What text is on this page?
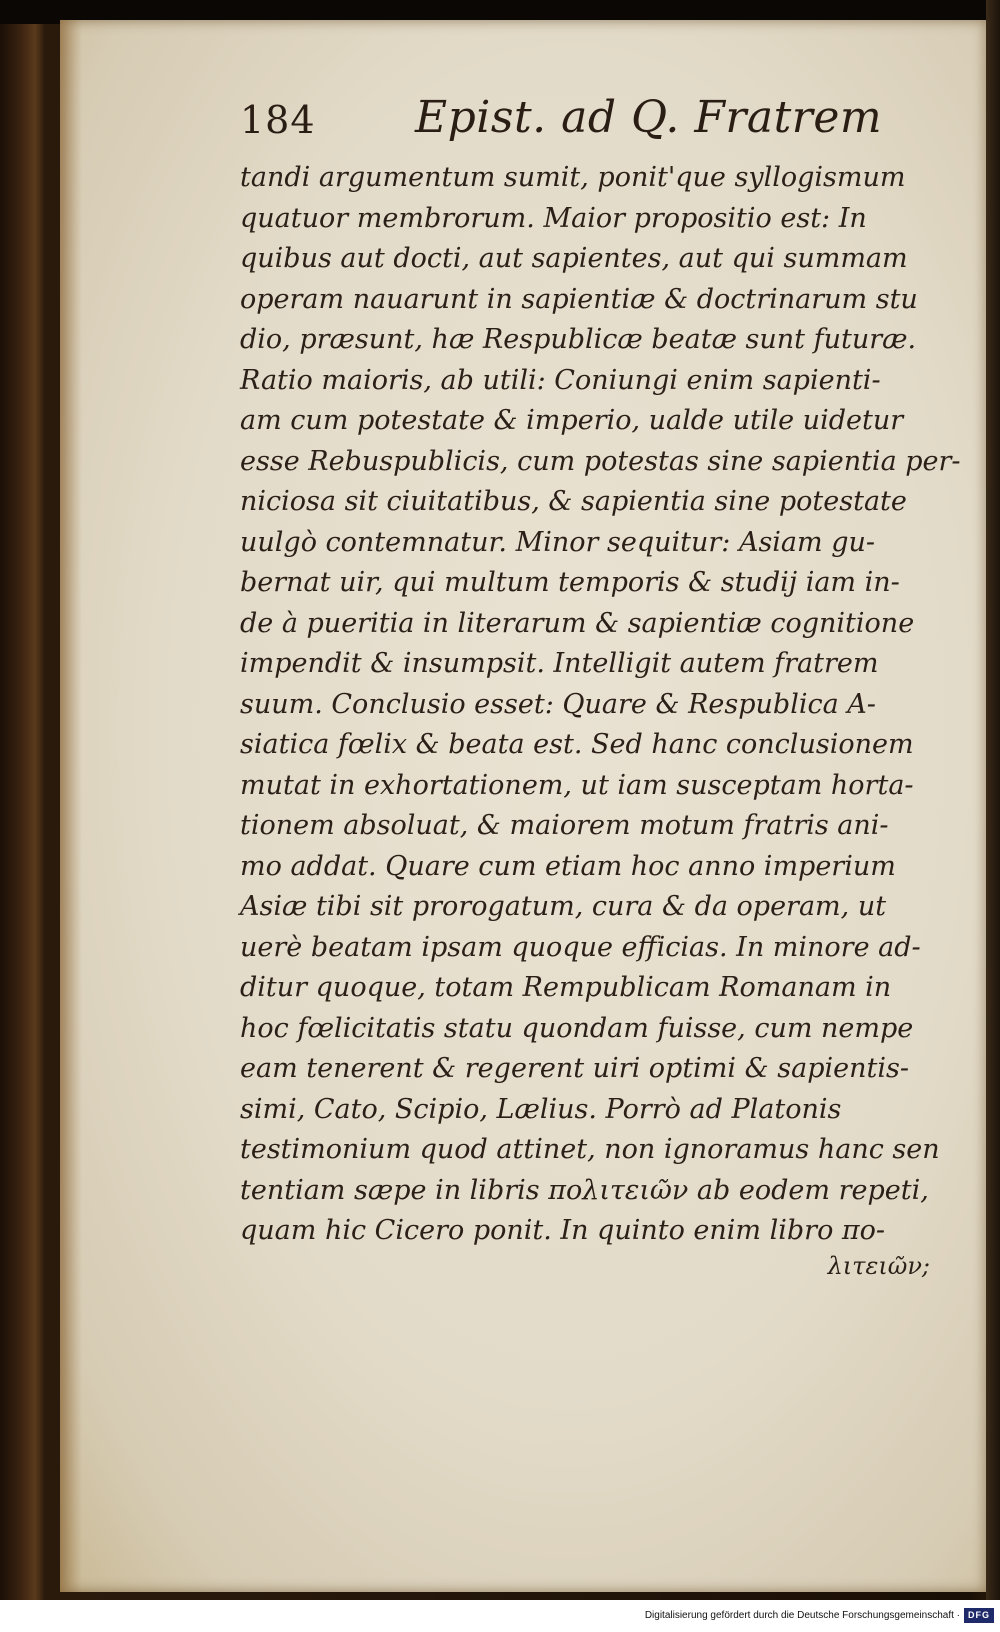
184 Epist. ad Q. Fratrem
tandi argumentum sumit, ponit'que syllogismum
quatuor membrorum. Maior propositio est: In
quibus aut docti, aut sapientes, aut qui summam
operam nauarunt in sapientiæ & doctrinarum stu
dio, præsunt, hæ Respublicæ beatæ sunt futuræ.
Ratio maioris, ab utili: Coniungi enim sapienti-
am cum potestate & imperio, ualde utile uidetur
esse Rebuspublicis, cum potestas sine sapientia per-
niciosa sit ciuitatibus, & sapientia sine potestate
uulgò contemnatur. Minor sequitur: Asiam gu-
bernat uir, qui multum temporis & studij iam in-
de à pueritia in literarum & sapientiæ cognitione
impendit & insumpsit. Intelligit autem fratrem
suum. Conclusio esset: Quare & Respublica A-
siatica fœlix & beata est. Sed hanc conclusionem
mutat in exhortationem, ut iam susceptam horta-
tionem absoluat, & maiorem motum fratris ani-
mo addat. Quare cum etiam hoc anno imperium
Asiæ tibi sit prorogatum, cura & da operam, ut
uerè beatam ipsam quoque efficias. In minore ad-
ditur quoque, totam Rempublicam Romanam in
hoc fœlicitatis statu quondam fuisse, cum nempe
eam tenerent & regerent uiri optimi & sapientis-
simi, Cato, Scipio, Lælius. Porrò ad Platonis
testimonium quod attinet, non ignoramus hanc sen
tentiam sæpe in libris πολιτειῶν ab eodem repeti,
quam hic Cicero ponit. In quinto enim libro πο-
λιτειῶν;
Digitalisierung gefördert durch die Deutsche Forschungsgemeinschaft · DFG
